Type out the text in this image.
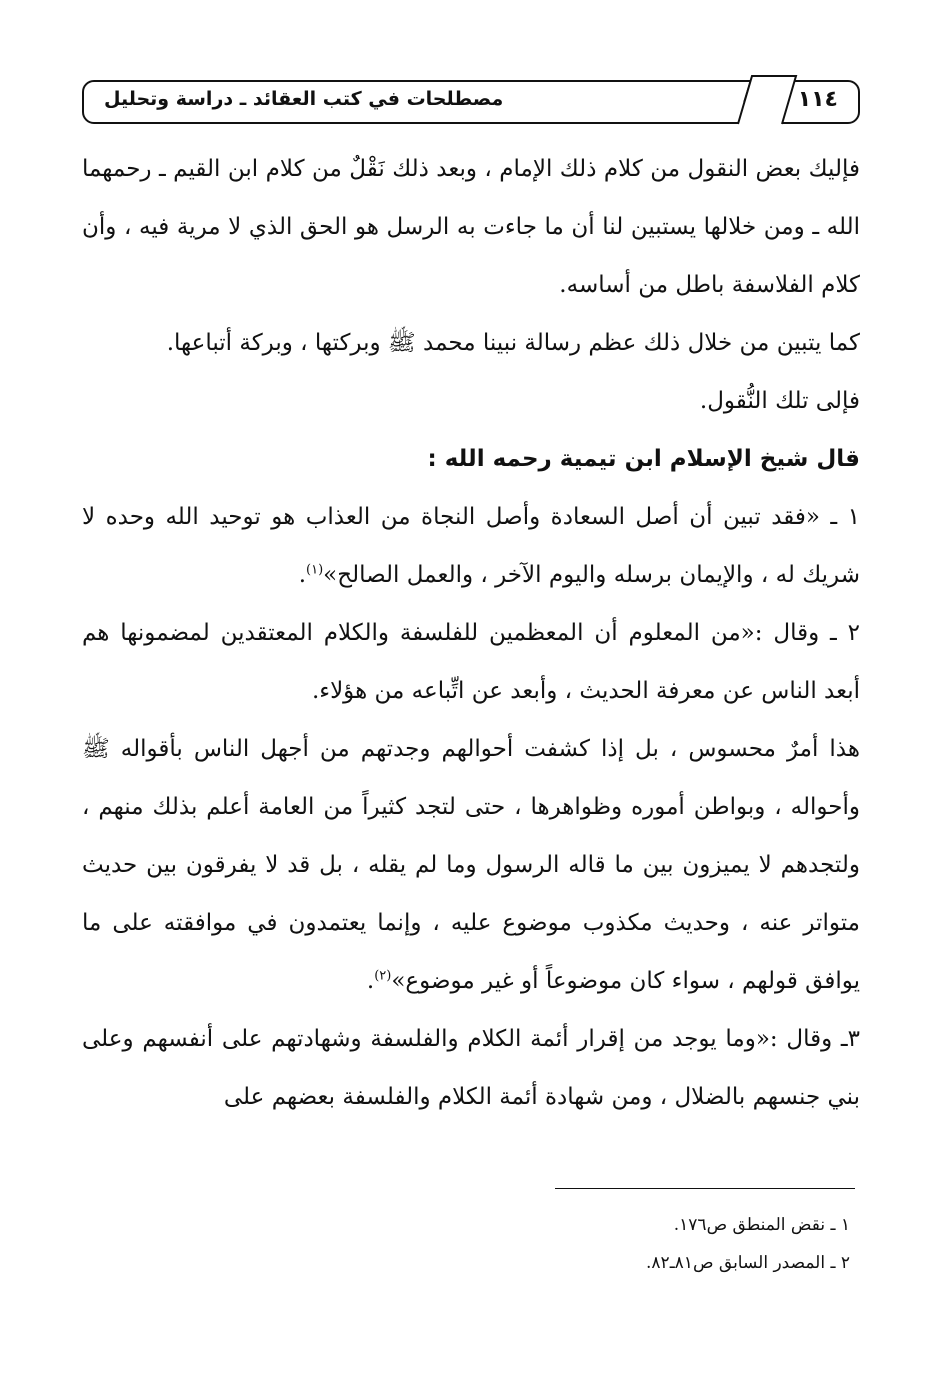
مصطلحات في كتب العقائد ـ دراسة وتحليل	١١٤

فإليك بعض النقول من كلام ذلك الإمام ، وبعد ذلك نَقْلٌ من كلام ابن القيم ـ رحمهما الله ـ ومن خلالها يستبين لنا أن ما جاءت به الرسل هو الحق الذي لا مرية فيه ، وأن كلام الفلاسفة باطل من أساسه.

كما يتبين من خلال ذلك عظم رسالة نبينا محمد ﷺ وبركتها ، وبركة أتباعها.

فإلى تلك النُّقول.

قال شيخ الإسلام ابن تيمية رحمه الله :

١ ـ «فقد تبين أن أصل السعادة وأصل النجاة من العذاب هو توحيد الله وحده لا شريك له ، والإيمان برسله واليوم الآخر ، والعمل الصالح»$^{(١)}$.

٢ ـ وقال :«من المعلوم أن المعظمين للفلسفة والكلام المعتقدين لمضمونها هم أبعد الناس عن معرفة الحديث ، وأبعد عن اتِّباعه من هؤلاء.

هذا أمرٌ محسوس ، بل إذا كشفت أحوالهم وجدتهم من أجهل الناس بأقواله ﷺ وأحواله ، وبواطن أموره وظواهرها ، حتى لتجد كثيراً من العامة أعلم بذلك منهم ، ولتجدهم لا يميزون بين ما قاله الرسول وما لم يقله ، بل قد لا يفرقون بين حديث متواتر عنه ، وحديث مكذوب موضوع عليه ، وإنما يعتمدون في موافقته على ما يوافق قولهم ، سواء كان موضوعاً أو غير موضوع»$^{(٢)}$.

٣ـ وقال :«وما يوجد من إقرار أئمة الكلام والفلسفة وشهادتهم على أنفسهم وعلى بني جنسهم بالضلال ، ومن شهادة أئمة الكلام والفلسفة بعضهم على

١ ـ نقض المنطق ص١٧٦.

٢ ـ المصدر السابق ص٨١ـ٨٢.
